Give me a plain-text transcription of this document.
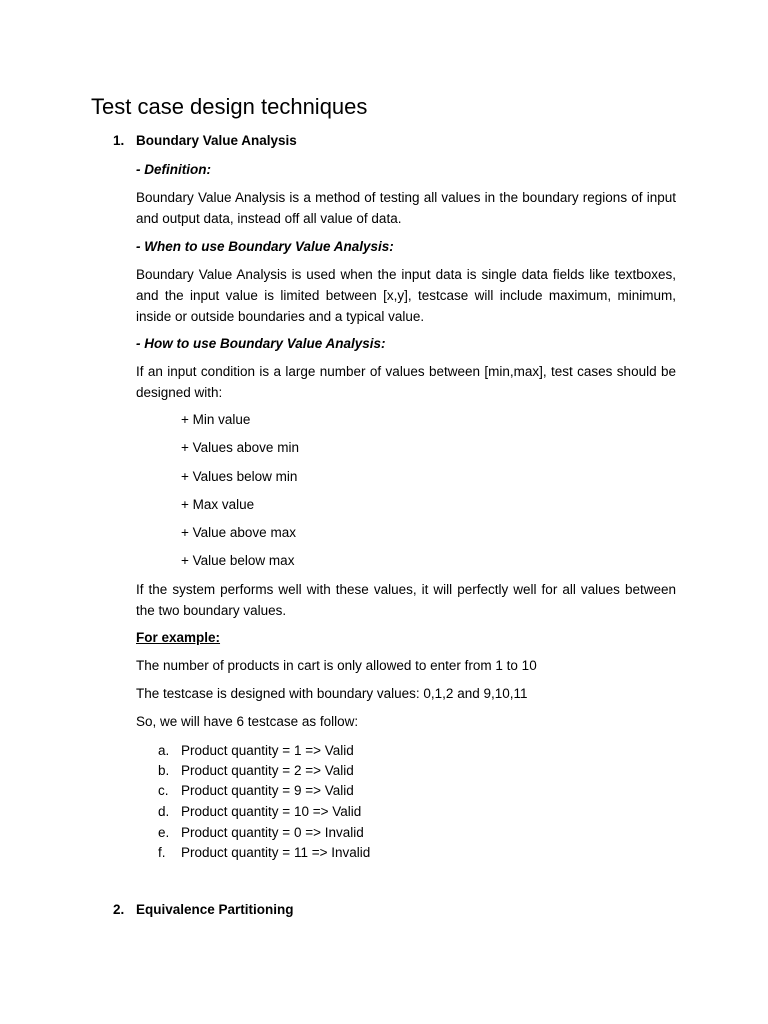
Test case design techniques
1. Boundary Value Analysis
- Definition:
Boundary Value Analysis is a method of testing all values in the boundary regions of input and output data, instead off all value of data.
- When to use Boundary Value Analysis:
Boundary Value Analysis is used when the input data is single data fields like textboxes, and the input value is limited between [x,y], testcase will include maximum, minimum, inside or outside boundaries and a typical value.
- How to use Boundary Value Analysis:
If an input condition is a large number of values between [min,max], test cases should be designed with:
+ Min value
+ Values above min
+ Values below min
+ Max value
+ Value above max
+ Value below max
If the system performs well with these values, it will perfectly well for all values between the two boundary values.
For example:
The number of products in cart is only allowed to enter from 1 to 10
The testcase is designed with boundary values: 0,1,2 and 9,10,11
So, we will have 6 testcase as follow:
a. Product quantity = 1 => Valid
b. Product quantity = 2 => Valid
c. Product quantity = 9 => Valid
d. Product quantity = 10 => Valid
e. Product quantity = 0 => Invalid
f. Product quantity = 11 => Invalid
2. Equivalence Partitioning
